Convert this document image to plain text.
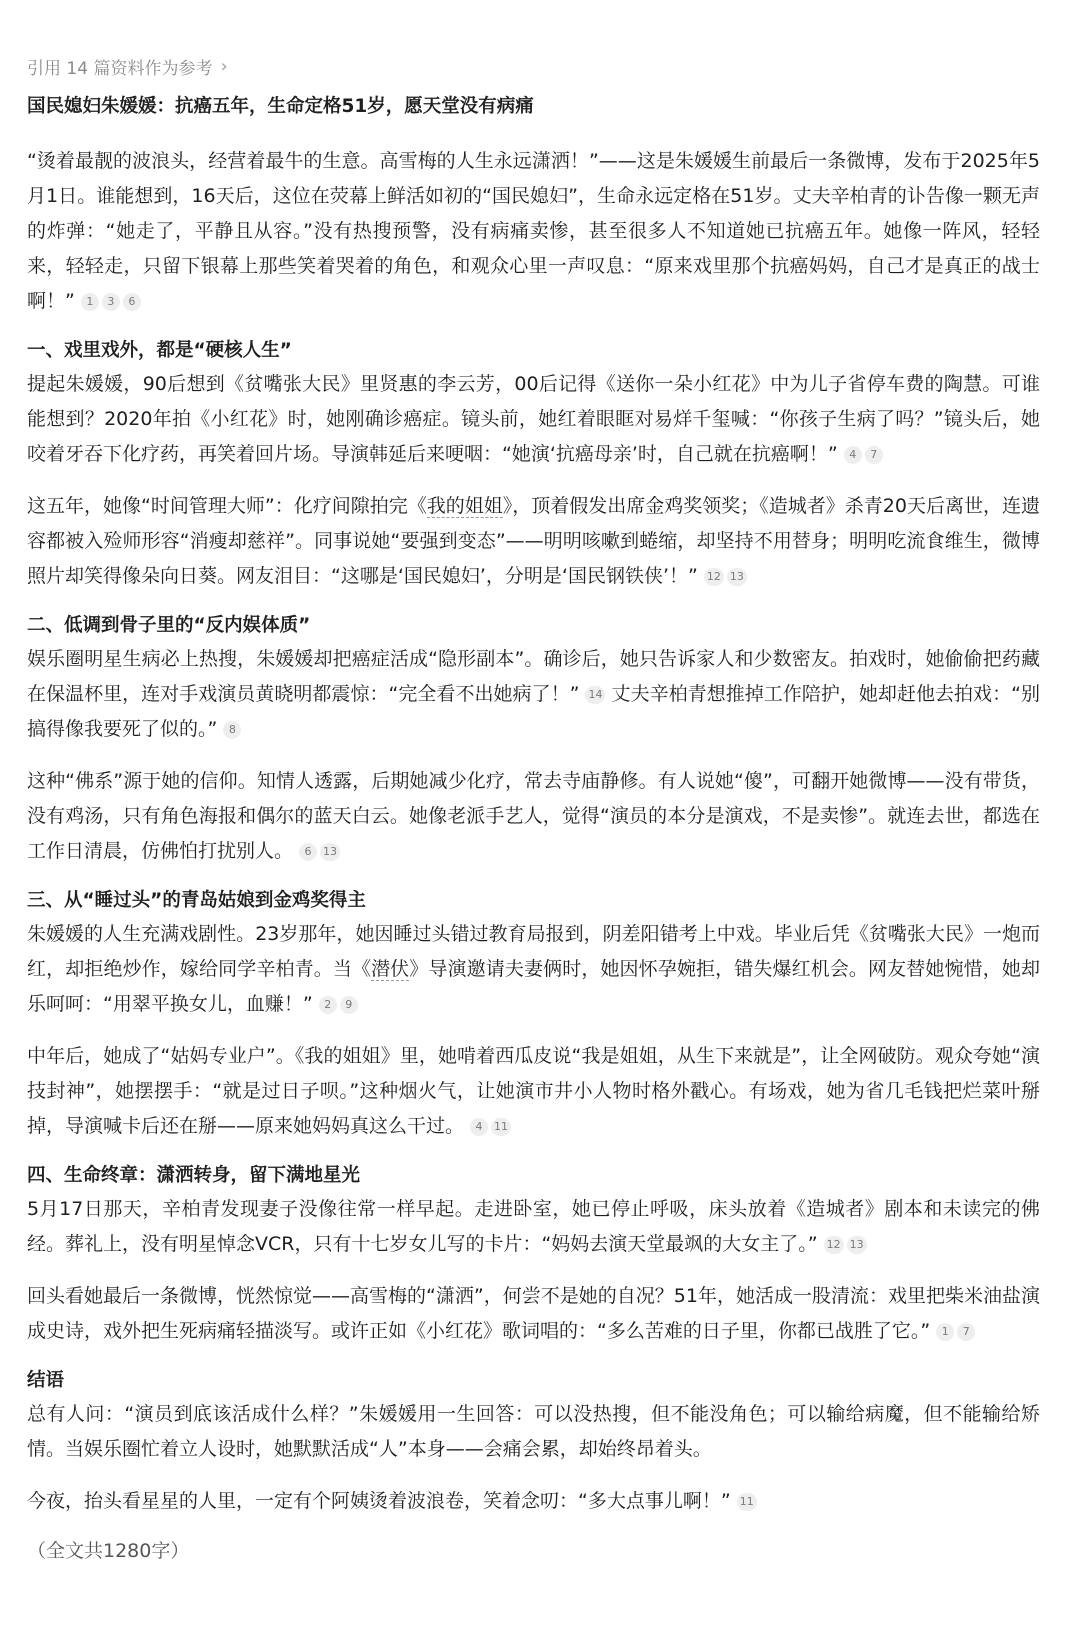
引用 14 篇资料作为参考 ›
国民媳妇朱媛媛：抗癌五年，生命定格51岁，愿天堂没有病痛

“烫着最靓的波浪头，经营着最牛的生意。高雪梅的人生永远潇洒！”——这是朱媛媛生前最后一条微博，发布于2025年5月1日。谁能想到，16天后，这位在荧幕上鲜活如初的“国民媳妇”，生命永远定格在51岁。丈夫辛柏青的讣告像一颗无声的炸弹：“她走了，平静且从容。”没有热搜预警，没有病痛卖惨，甚至很多人不知道她已抗癌五年。她像一阵风，轻轻来，轻轻走，只留下银幕上那些笑着哭着的角色，和观众心里一声叹息：“原来戏里那个抗癌妈妈，自己才是真正的战士啊！”	1	3	6

一、戏里戏外，都是“硬核人生”

提起朱媛媛，90后想到《贫嘴张大民》里贤惠的李云芳，00后记得《送你一朵小红花》中为儿子省停车费的陶慧。可谁能想到？2020年拍《小红花》时，她刚确诊癌症。镜头前，她红着眼眶对易烊千玺喊：“你孩子生病了吗？”镜头后，她咬着牙吞下化疗药，再笑着回片场。导演韩延后来哽咽：“她演‘抗癌母亲’时，自己就在抗癌啊！”	4	7

这五年，她像“时间管理大师”：化疗间隙拍完《我的姐姐》，顶着假发出席金鸡奖领奖；《造城者》杀青20天后离世，连遗容都被入殓师形容“消瘦却慈祥”。同事说她“要强到变态”——明明咳嗽到蜷缩，却坚持不用替身；明明吃流食维生，微博照片却笑得像朵向日葵。网友泪目：“这哪是‘国民媳妇’，分明是‘国民钢铁侠’！” 12 13

二、低调到骨子里的“反内娱体质”

娱乐圈明星生病必上热搜，朱媛媛却把癌症活成“隐形副本”。确诊后，她只告诉家人和少数密友。拍戏时，她偷偷把药藏在保温杯里，连对手戏演员黄晓明都震惊：“完全看不出她病了！” 14 丈夫辛柏青想推掉工作陪护，她却赶他去拍戏：“别搞得像我要死了似的。”	8

这种“佛系”源于她的信仰。知情人透露，后期她减少化疗，常去寺庙静修。有人说她“傻”，可翻开她微博——没有带货，没有鸡汤，只有角色海报和偶尔的蓝天白云。她像老派手艺人，觉得“演员的本分是演戏，不是卖惨”。就连去世，都选在工作日清晨，仿佛怕打扰别人。	6	13

三、从“睡过头”的青岛姑娘到金鸡奖得主

朱媛媛的人生充满戏剧性。23岁那年，她因睡过头错过教育局报到，阴差阳错考上中戏。毕业后凭《贫嘴张大民》一炮而红，却拒绝炒作，嫁给同学辛柏青。当《潜伏》导演邀请夫妻俩时，她因怀孕婉拒，错失爆红机会。网友替她惋惜，她却乐呵呵：“用翠平换女儿，血赚！”	2	9

中年后，她成了“姑妈专业户”。《我的姐姐》里，她啃着西瓜皮说“我是姐姐，从生下来就是”，让全网破防。观众夸她“演技封神”，她摆摆手：“就是过日子呗。”这种烟火气，让她演市井小人物时格外戳心。有场戏，她为省几毛钱把烂菜叶掰掉，导演喊卡后还在掰——原来她妈妈真这么干过。	4	11

四、生命终章：潇洒转身，留下满地星光

5月17日那天，辛柏青发现妻子没像往常一样早起。走进卧室，她已停止呼吸，床头放着《造城者》剧本和未读完的佛经。葬礼上，没有明星悼念VCR，只有十七岁女儿写的卡片：“妈妈去演天堂最飒的大女主了。” 12 13

回头看她最后一条微博，恍然惊觉——高雪梅的“潇洒”，何尝不是她的自况？51年，她活成一股清流：戏里把柴米油盐演成史诗，戏外把生死病痛轻描淡写。或许正如《小红花》歌词唱的：“多么苦难的日子里，你都已战胜了它。”	1	7

结语

总有人问：“演员到底该活成什么样？”朱媛媛用一生回答：可以没热搜，但不能没角色；可以输给病魔，但不能输给矫情。当娱乐圈忙着立人设时，她默默活成“人”本身——会痛会累，却始终昂着头。

今夜，抬头看星星的人里，一定有个阿姨烫着波浪卷，笑着念叨：“多大点事儿啊！” 11

（全文共1280字）
